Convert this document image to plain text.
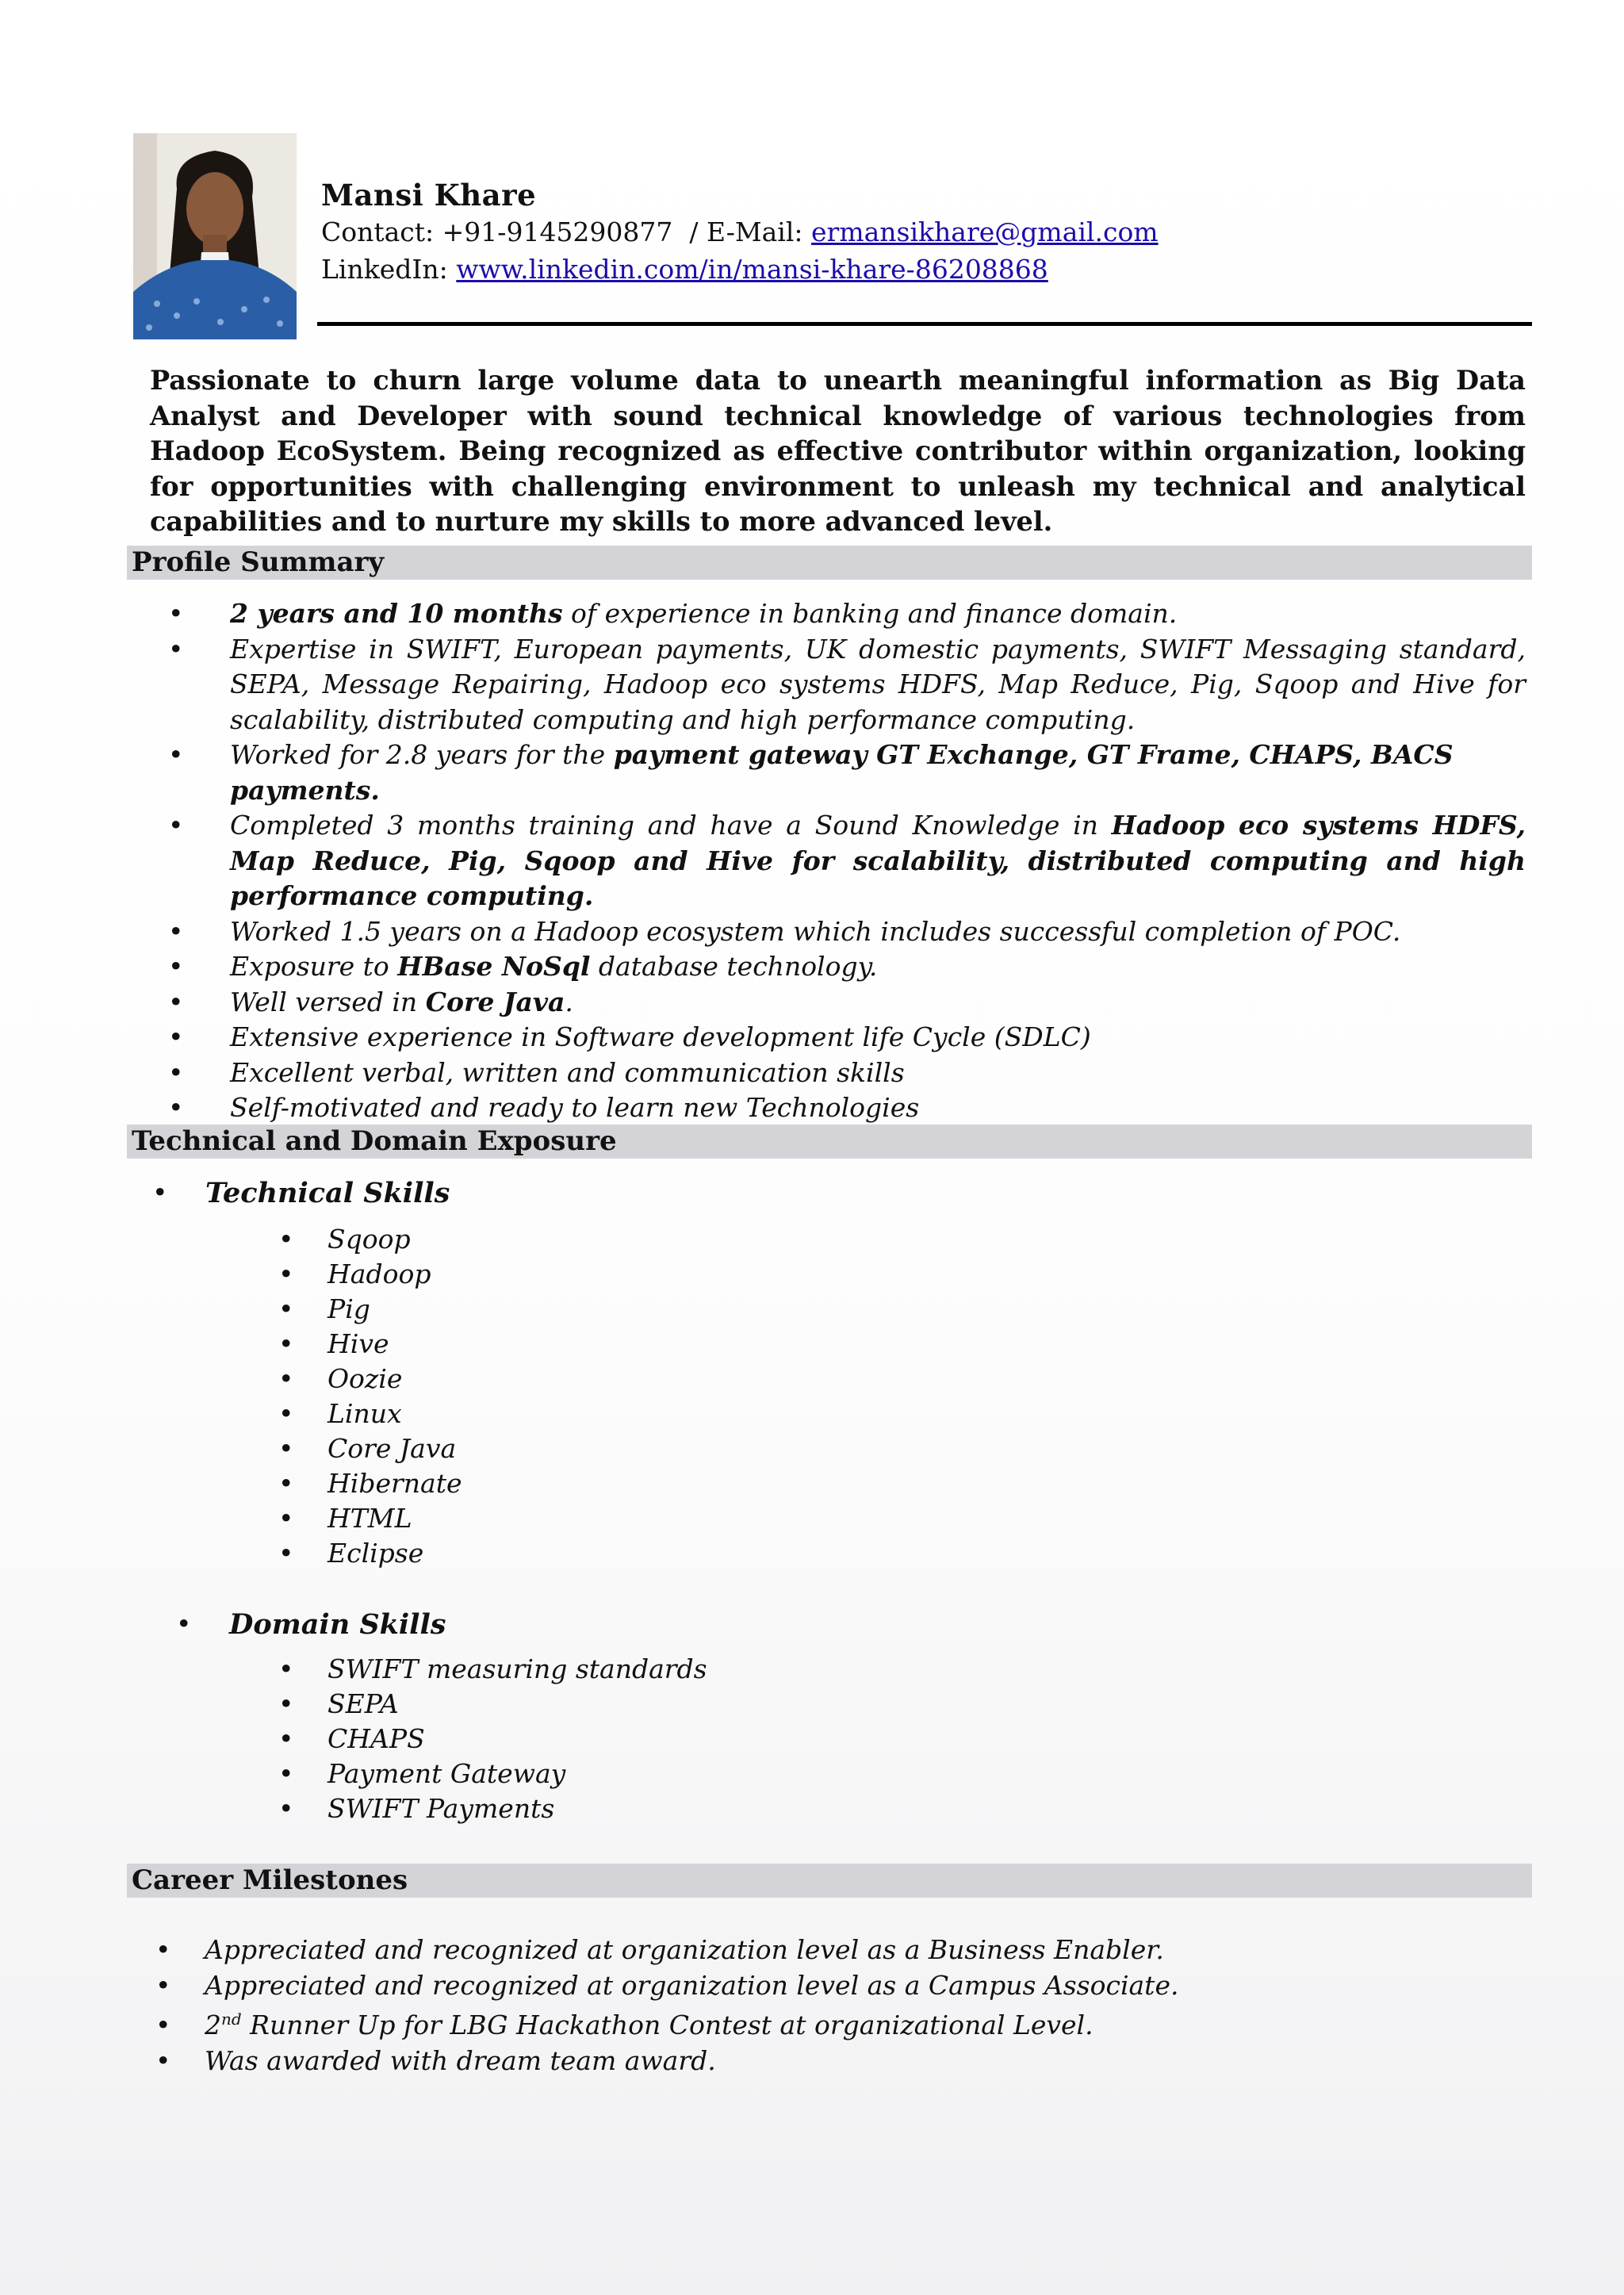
Mansi Khare
Contact: +91-9145290877  / E-Mail: ermansikhare@gmail.com
LinkedIn: www.linkedin.com/in/mansi-khare-86208868
Passionate to churn large volume data to unearth meaningful information as Big Data Analyst and Developer with sound technical knowledge of various technologies from Hadoop EcoSystem. Being recognized as effective contributor within organization, looking for opportunities with challenging environment to unleash my technical and analytical capabilities and to nurture my skills to more advanced level.
Profile Summary
• 2 years and 10 months of experience in banking and finance domain.
• Expertise in SWIFT, European payments, UK domestic payments, SWIFT Messaging standard, SEPA, Message Repairing, Hadoop eco systems HDFS, Map Reduce, Pig, Sqoop and Hive for scalability, distributed computing and high performance computing.
• Worked for 2.8 years for the payment gateway GT Exchange, GT Frame, CHAPS, BACS payments.
• Completed 3 months training and have a Sound Knowledge in Hadoop eco systems HDFS, Map Reduce, Pig, Sqoop and Hive for scalability, distributed computing and high performance computing.
• Worked 1.5 years on a Hadoop ecosystem which includes successful completion of POC.
• Exposure to HBase NoSql database technology.
• Well versed in Core Java.
• Extensive experience in Software development life Cycle (SDLC)
• Excellent verbal, written and communication skills
• Self-motivated and ready to learn new Technologies
Technical and Domain Exposure
• Technical Skills
• Sqoop
• Hadoop
• Pig
• Hive
• Oozie
• Linux
• Core Java
• Hibernate
• HTML
• Eclipse
• Domain Skills
• SWIFT measuring standards
• SEPA
• CHAPS
• Payment Gateway
• SWIFT Payments
Career Milestones
• Appreciated and recognized at organization level as a Business Enabler.
• Appreciated and recognized at organization level as a Campus Associate.
• 2nd Runner Up for LBG Hackathon Contest at organizational Level.
• Was awarded with dream team award.
